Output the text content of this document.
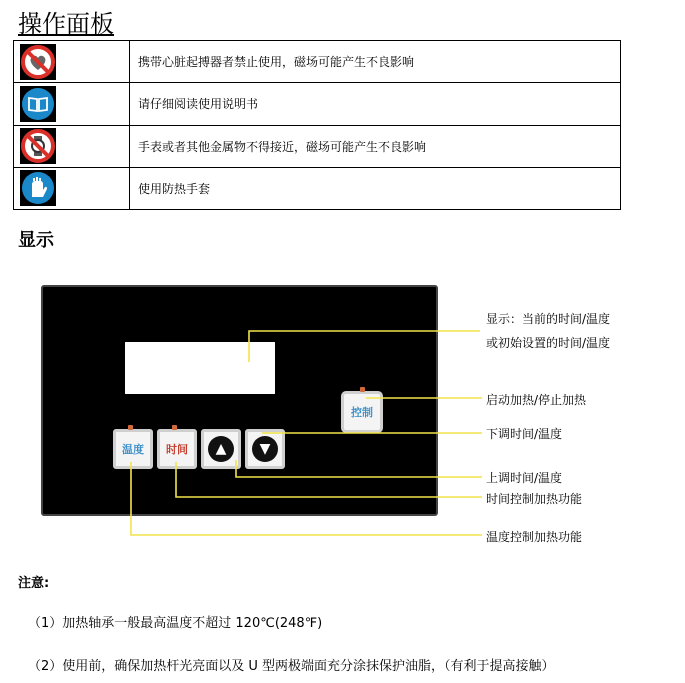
操作面板
	携带心脏起搏器者禁止使用，磁场可能产生不良影响

	请仔细阅读使用说明书

	手表或者其他金属物不得接近，磁场可能产生不良影响

	使用防热手套
显示
控制
温度 时间	▲	▼
显示：当前的时间/温度
或初始设置的时间/温度
启动加热/停止加热
下调时间/温度
上调时间/温度
时间控制加热功能
温度控制加热功能
注意:
（1）加热轴承一般最高温度不超过 120℃(248℉)
（2）使用前，确保加热杆光亮面以及 U 型两极端面充分涂抹保护油脂，（有利于提高接触）
